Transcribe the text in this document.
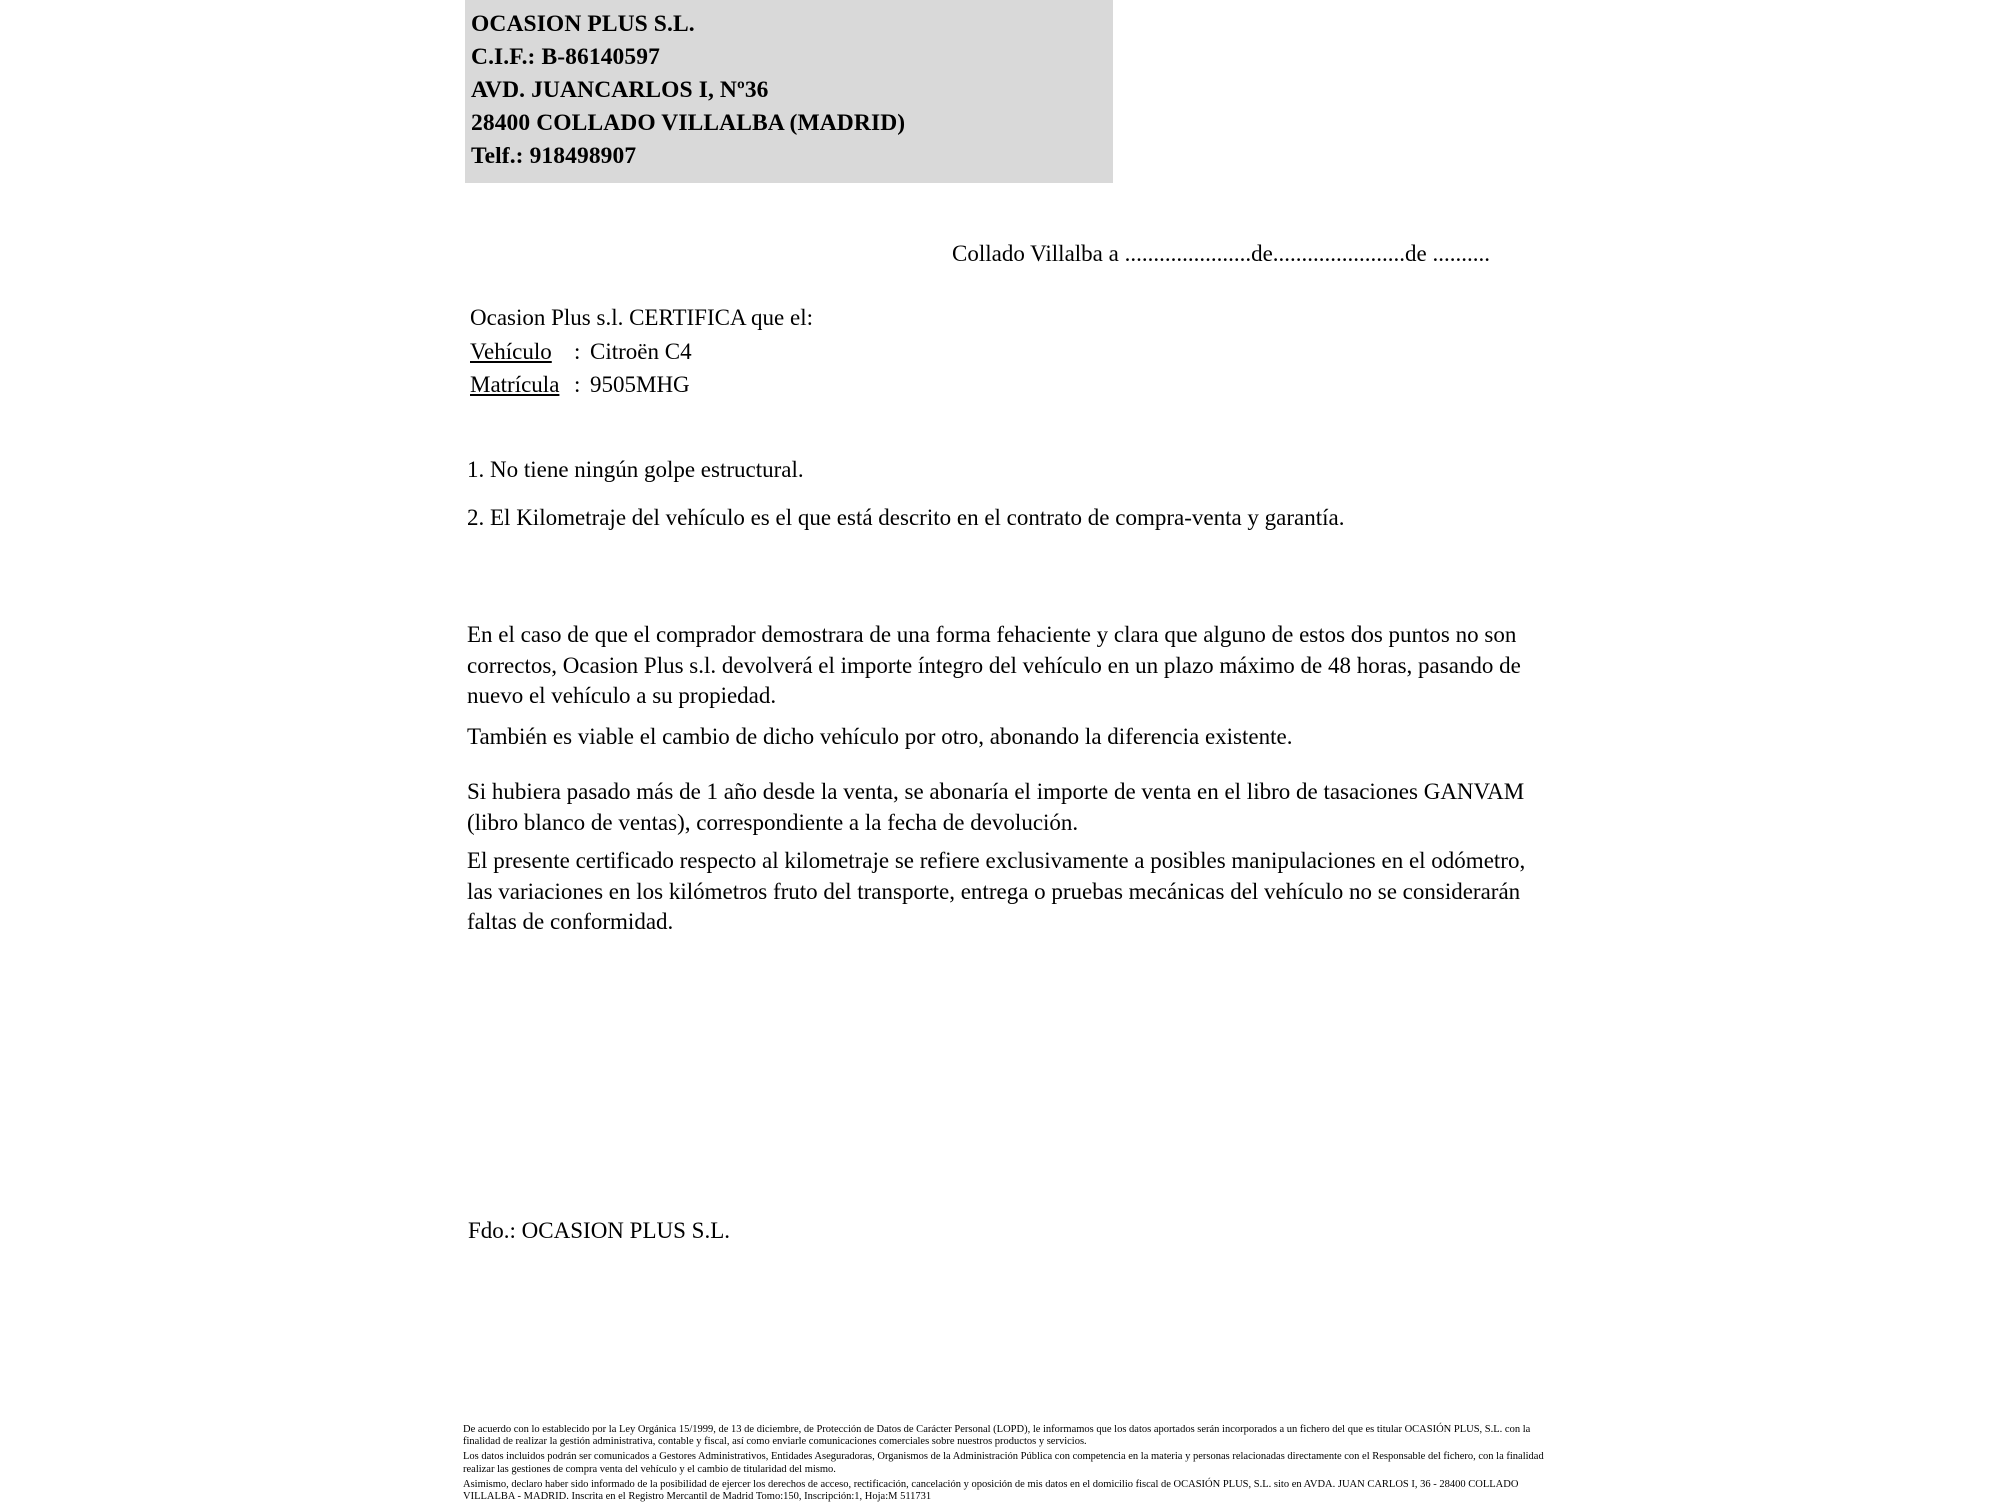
OCASION PLUS S.L.
C.I.F.: B-86140597
AVD. JUANCARLOS I, Nº36
28400 COLLADO VILLALBA (MADRID)
Telf.: 918498907
Collado Villalba a ......................de.......................de ..........
Ocasion Plus s.l. CERTIFICA que el:
Vehículo : Citroën C4
Matrícula : 9505MHG
1. No tiene ningún golpe estructural.
2. El Kilometraje del vehículo es el que está descrito en el contrato de compra-venta y garantía.
En el caso de que el comprador demostrara de una forma fehaciente y clara que alguno de estos dos puntos no son correctos, Ocasion Plus s.l. devolverá el importe íntegro del vehículo en un plazo máximo de 48 horas, pasando de nuevo el vehículo a su propiedad.
También es viable el cambio de dicho vehículo por otro, abonando la diferencia existente.
Si hubiera pasado más de 1 año desde la venta, se abonaría el importe de venta en el libro de tasaciones GANVAM (libro blanco de ventas), correspondiente a la fecha de devolución.
El presente certificado respecto al kilometraje se refiere exclusivamente a posibles manipulaciones en el odómetro, las variaciones en los kilómetros fruto del transporte, entrega o pruebas mecánicas del vehículo no se considerarán faltas de conformidad.
Fdo.: OCASION PLUS S.L.

De acuerdo con lo establecido por la Ley Orgánica 15/1999, de 13 de diciembre, de Protección de Datos de Carácter Personal (LOPD), le informamos que los datos aportados serán incorporados a un fichero del que es titular OCASIÓN PLUS, S.L. con la finalidad de realizar la gestión administrativa, contable y fiscal, así como enviarle comunicaciones comerciales sobre nuestros productos y servicios.

Los datos incluidos podrán ser comunicados a Gestores Administrativos, Entidades Aseguradoras, Organismos de la Administración Pública con competencia en la materia y personas relacionadas directamente con el Responsable del fichero, con la finalidad realizar las gestiones de compra venta del vehículo y el cambio de titularidad del mismo.

Asimismo, declaro haber sido informado de la posibilidad de ejercer los derechos de acceso, rectificación, cancelación y oposición de mis datos en el domicilio fiscal de OCASIÓN PLUS, S.L. sito en AVDA. JUAN CARLOS I, 36 - 28400 COLLADO VILLALBA - MADRID. Inscrita en el Registro Mercantil de Madrid Tomo:150, Inscripción:1, Hoja:M 511731
